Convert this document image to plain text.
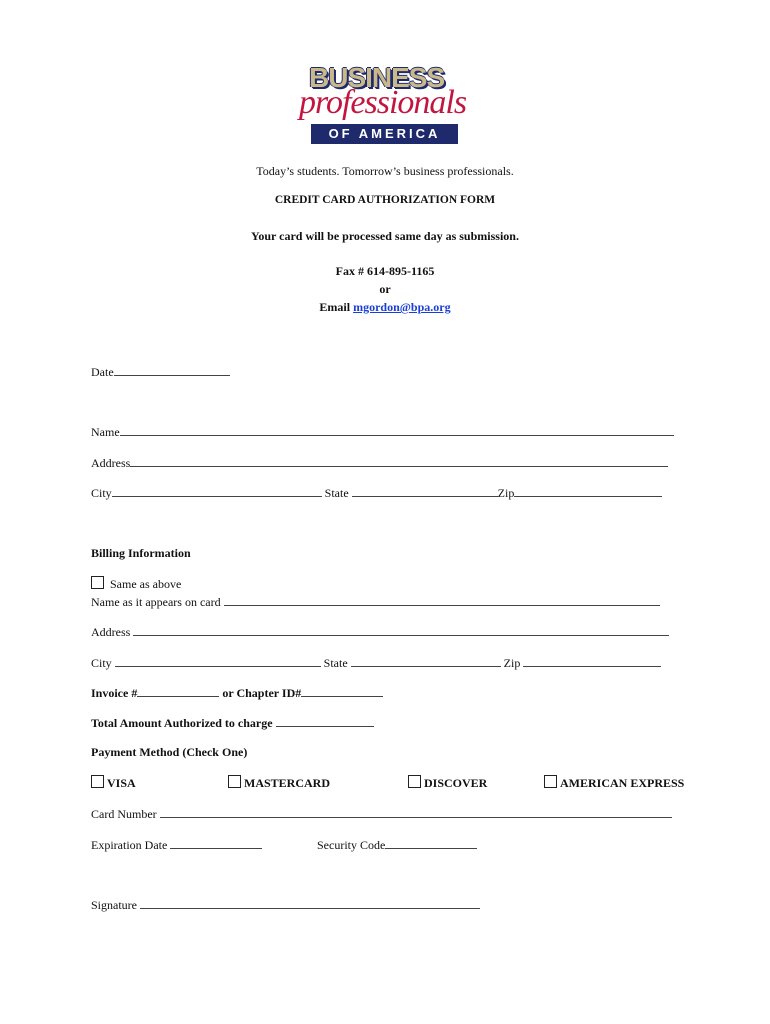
BUSINESS
professionals
OF AMERICA
Today’s students. Tomorrow’s business professionals.
CREDIT CARD AUTHORIZATION FORM
Your card will be processed same day as submission.
Fax # 614-895-1165
or
Email mgordon@bpa.org
Date
Name
Address
City	State	Zip
Billing Information
Same as above
Name as it appears on card
Address
City	State	Zip
Invoice #	or Chapter ID#
Total Amount Authorized to charge
Payment Method (Check One)
VISA	MASTERCARD	DISCOVER	AMERICAN EXPRESS
Card Number
Expiration Date	Security Code
Signature
